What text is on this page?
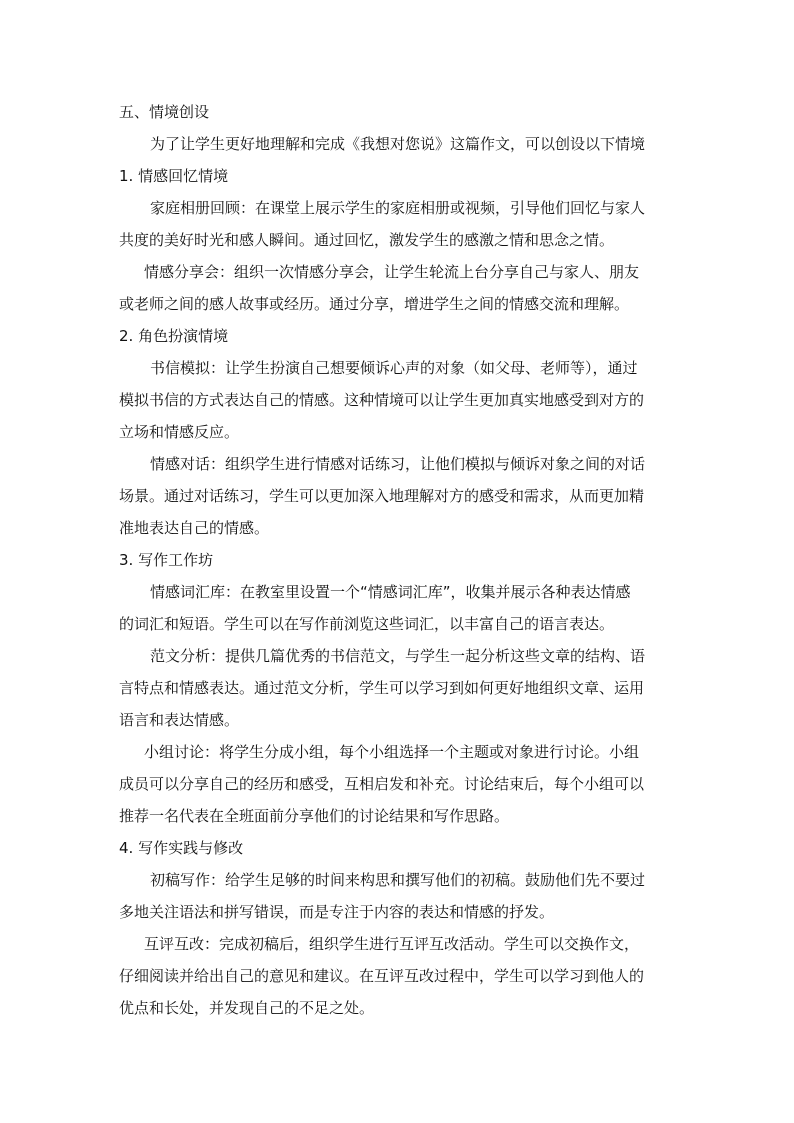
五、情境创设
为了让学生更好地理解和完成《我想对您说》这篇作文，可以创设以下情境
1. 情感回忆情境
家庭相册回顾：在课堂上展示学生的家庭相册或视频，引导他们回忆与家人
共度的美好时光和感人瞬间。通过回忆，激发学生的感激之情和思念之情。
情感分享会：组织一次情感分享会，让学生轮流上台分享自己与家人、朋友
或老师之间的感人故事或经历。通过分享，增进学生之间的情感交流和理解。
2. 角色扮演情境
书信模拟：让学生扮演自己想要倾诉心声的对象（如父母、老师等），通过
模拟书信的方式表达自己的情感。这种情境可以让学生更加真实地感受到对方的
立场和情感反应。
情感对话：组织学生进行情感对话练习，让他们模拟与倾诉对象之间的对话
场景。通过对话练习，学生可以更加深入地理解对方的感受和需求，从而更加精
准地表达自己的情感。
3. 写作工作坊
情感词汇库：在教室里设置一个“情感词汇库”，收集并展示各种表达情感
的词汇和短语。学生可以在写作前浏览这些词汇，以丰富自己的语言表达。
范文分析：提供几篇优秀的书信范文，与学生一起分析这些文章的结构、语
言特点和情感表达。通过范文分析，学生可以学习到如何更好地组织文章、运用
语言和表达情感。
小组讨论：将学生分成小组，每个小组选择一个主题或对象进行讨论。小组
成员可以分享自己的经历和感受，互相启发和补充。讨论结束后，每个小组可以
推荐一名代表在全班面前分享他们的讨论结果和写作思路。
4. 写作实践与修改
初稿写作：给学生足够的时间来构思和撰写他们的初稿。鼓励他们先不要过
多地关注语法和拼写错误，而是专注于内容的表达和情感的抒发。
互评互改：完成初稿后，组织学生进行互评互改活动。学生可以交换作文，
仔细阅读并给出自己的意见和建议。在互评互改过程中，学生可以学习到他人的
优点和长处，并发现自己的不足之处。
